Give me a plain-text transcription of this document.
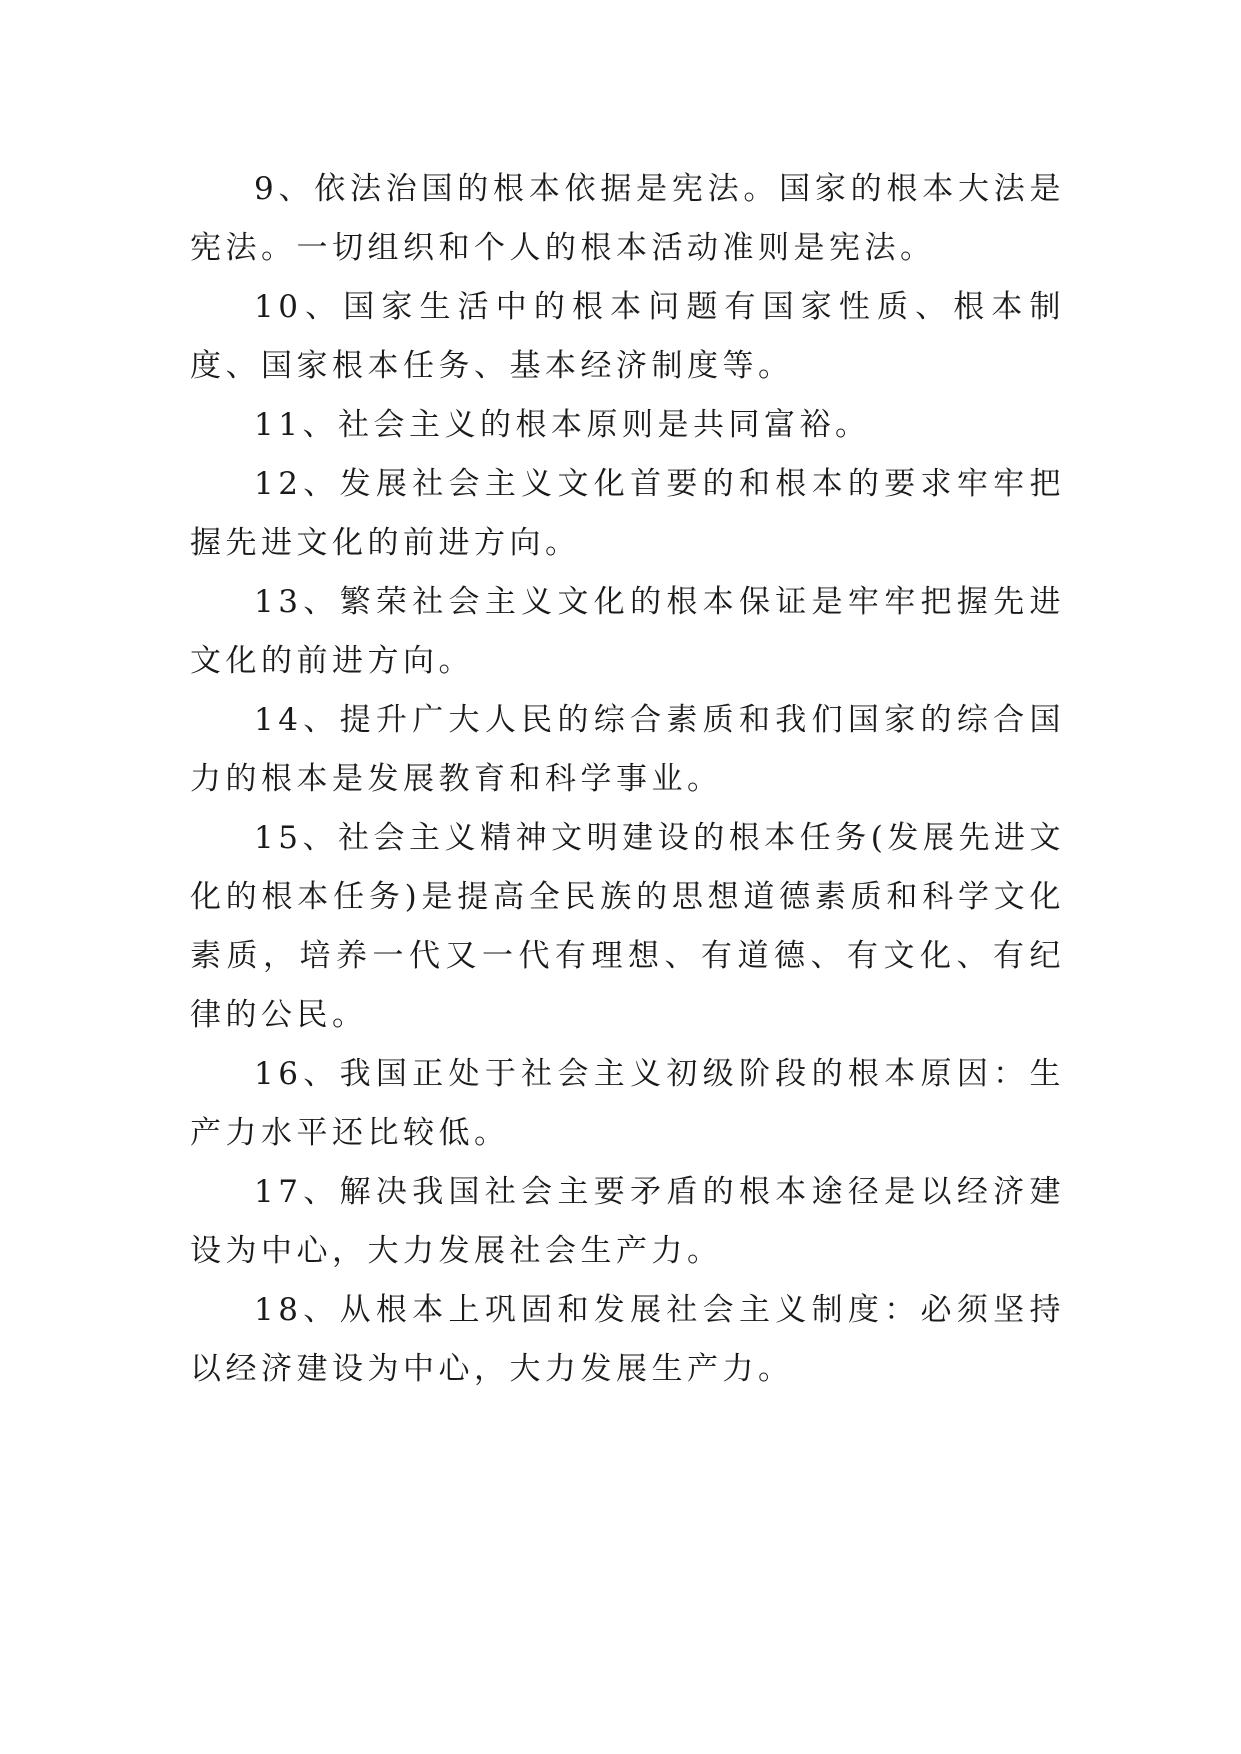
9、依法治国的根本依据是宪法。国家的根本大法是宪法。一切组织和个人的根本活动准则是宪法。

10、国家生活中的根本问题有国家性质、根本制度、国家根本任务、基本经济制度等。

11、社会主义的根本原则是共同富裕。

12、发展社会主义文化首要的和根本的要求牢牢把握先进文化的前进方向。

13、繁荣社会主义文化的根本保证是牢牢把握先进文化的前进方向。

14、提升广大人民的综合素质和我们国家的综合国力的根本是发展教育和科学事业。

15、社会主义精神文明建设的根本任务(发展先进文化的根本任务)是提高全民族的思想道德素质和科学文化素质，培养一代又一代有理想、有道德、有文化、有纪律的公民。

16、我国正处于社会主义初级阶段的根本原因：生产力水平还比较低。

17、解决我国社会主要矛盾的根本途径是以经济建设为中心，大力发展社会生产力。

18、从根本上巩固和发展社会主义制度：必须坚持以经济建设为中心，大力发展生产力。
